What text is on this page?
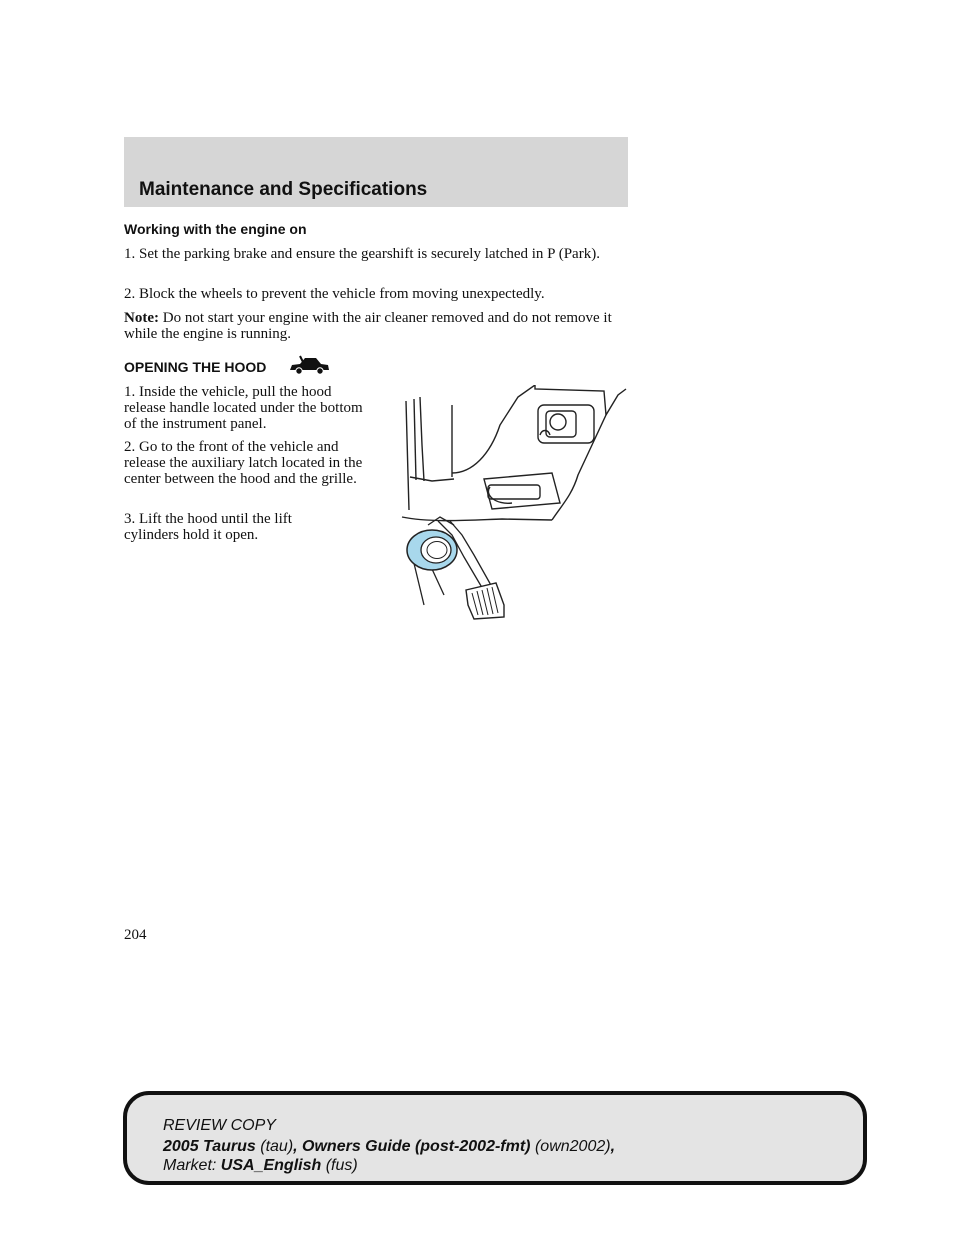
Maintenance and Specifications
Working with the engine on

1. Set the parking brake and ensure the gearshift is securely latched in P (Park).

2. Block the wheels to prevent the vehicle from moving unexpectedly.

Note: Do not start your engine with the air cleaner removed and do not remove it while the engine is running.

OPENING THE HOOD

1. Inside the vehicle, pull the hood release handle located under the bottom of the instrument panel.

2. Go to the front of the vehicle and release the auxiliary latch located in the center between the hood and the grille.

3. Lift the hood until the lift cylinders hold it open.

204

REVIEW COPY

2005 Taurus (tau), Owners Guide (post-2002-fmt) (own2002),

Market: USA_English (fus)
